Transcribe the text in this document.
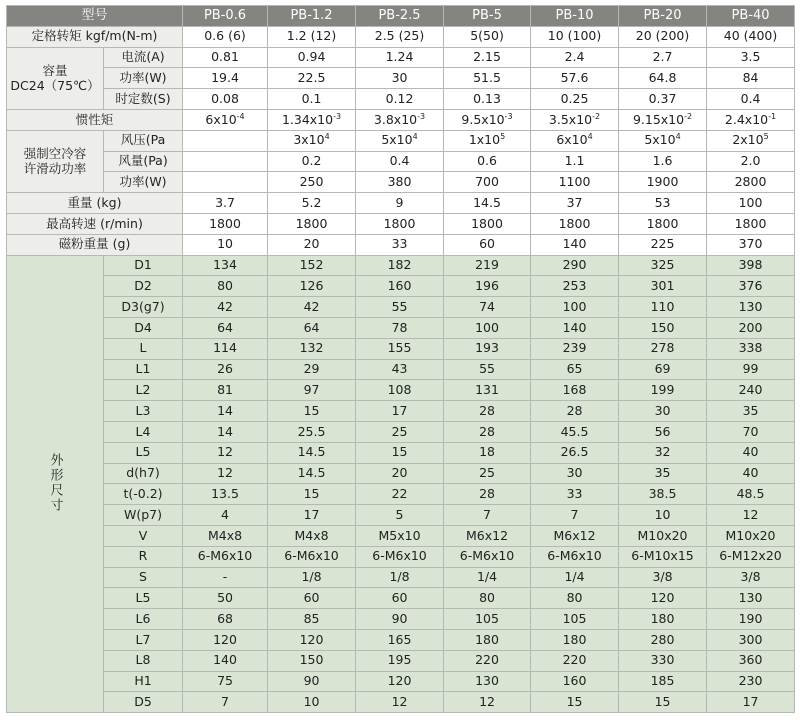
型号		PB-0.6	PB-1.2	PB-2.5	PB-5	PB-10	PB-20	PB-40
定格转矩 kgf/m(N-m)		0.6 (6)	1.2 (12)	2.5 (25)	5(50)	10 (100)	20 (200)	40 (400)
容量
DC24（75℃）	电流(A)	0.81	0.94	1.24	2.15	2.4	2.7	3.5
	功率(W)	19.4	22.5	30	51.5	57.6	64.8	84
	时定数(S)	0.08	0.1	0.12	0.13	0.25	0.37	0.4
惯性矩		$6x10^{-4}$	$1.34x10^{-3}$	$3.8x10^{-3}$	$9.5x10^{-3}$	$3.5x10^{-2}$	$9.15x10^{-2}$	$2.4x10^{-1}$
强制空冷容
许滑动功率	风压(Pa		$3x10^4$	$5x10^4$	$1x10^5$	$6x10^4$	$5x10^4$	$2x10^5$
	风量(Pa)		0.2	0.4	0.6	1.1	1.6	2.0
	功率(W)		250	380	700	1100	1900	2800
重量 (kg)		3.7	5.2	9	14.5	37	53	100
最高转速 (r/min)		1800	1800	1800	1800	1800	1800	1800
磁粉重量 (g)		10	20	33	60	140	225	370
外形尺寸	D1	134	152	182	219	290	325	398
	D2	80	126	160	196	253	301	376
	D3(g7)	42	42	55	74	100	110	130
	D4	64	64	78	100	140	150	200
	L	114	132	155	193	239	278	338
	L1	26	29	43	55	65	69	99
	L2	81	97	108	131	168	199	240
	L3	14	15	17	28	28	30	35
	L4	14	25.5	25	28	45.5	56	70
	L5	12	14.5	15	18	26.5	32	40
	d(h7)	12	14.5	20	25	30	35	40
	t(-0.2)	13.5	15	22	28	33	38.5	48.5
	W(p7)	4	17	5	7	7	10	12
	V	M4x8	M4x8	M5x10	M6x12	M6x12	M10x20	M10x20
	R	6-M6x10	6-M6x10	6-M6x10	6-M6x10	6-M6x10	6-M10x15	6-M12x20
	S	-	1/8	1/8	1/4	1/4	3/8	3/8
	L5	50	60	60	80	80	120	130
	L6	68	85	90	105	105	180	190
	L7	120	120	165	180	180	280	300
	L8	140	150	195	220	220	330	360
	H1	75	90	120	130	160	185	230
	D5	7	10	12	12	15	15	17
